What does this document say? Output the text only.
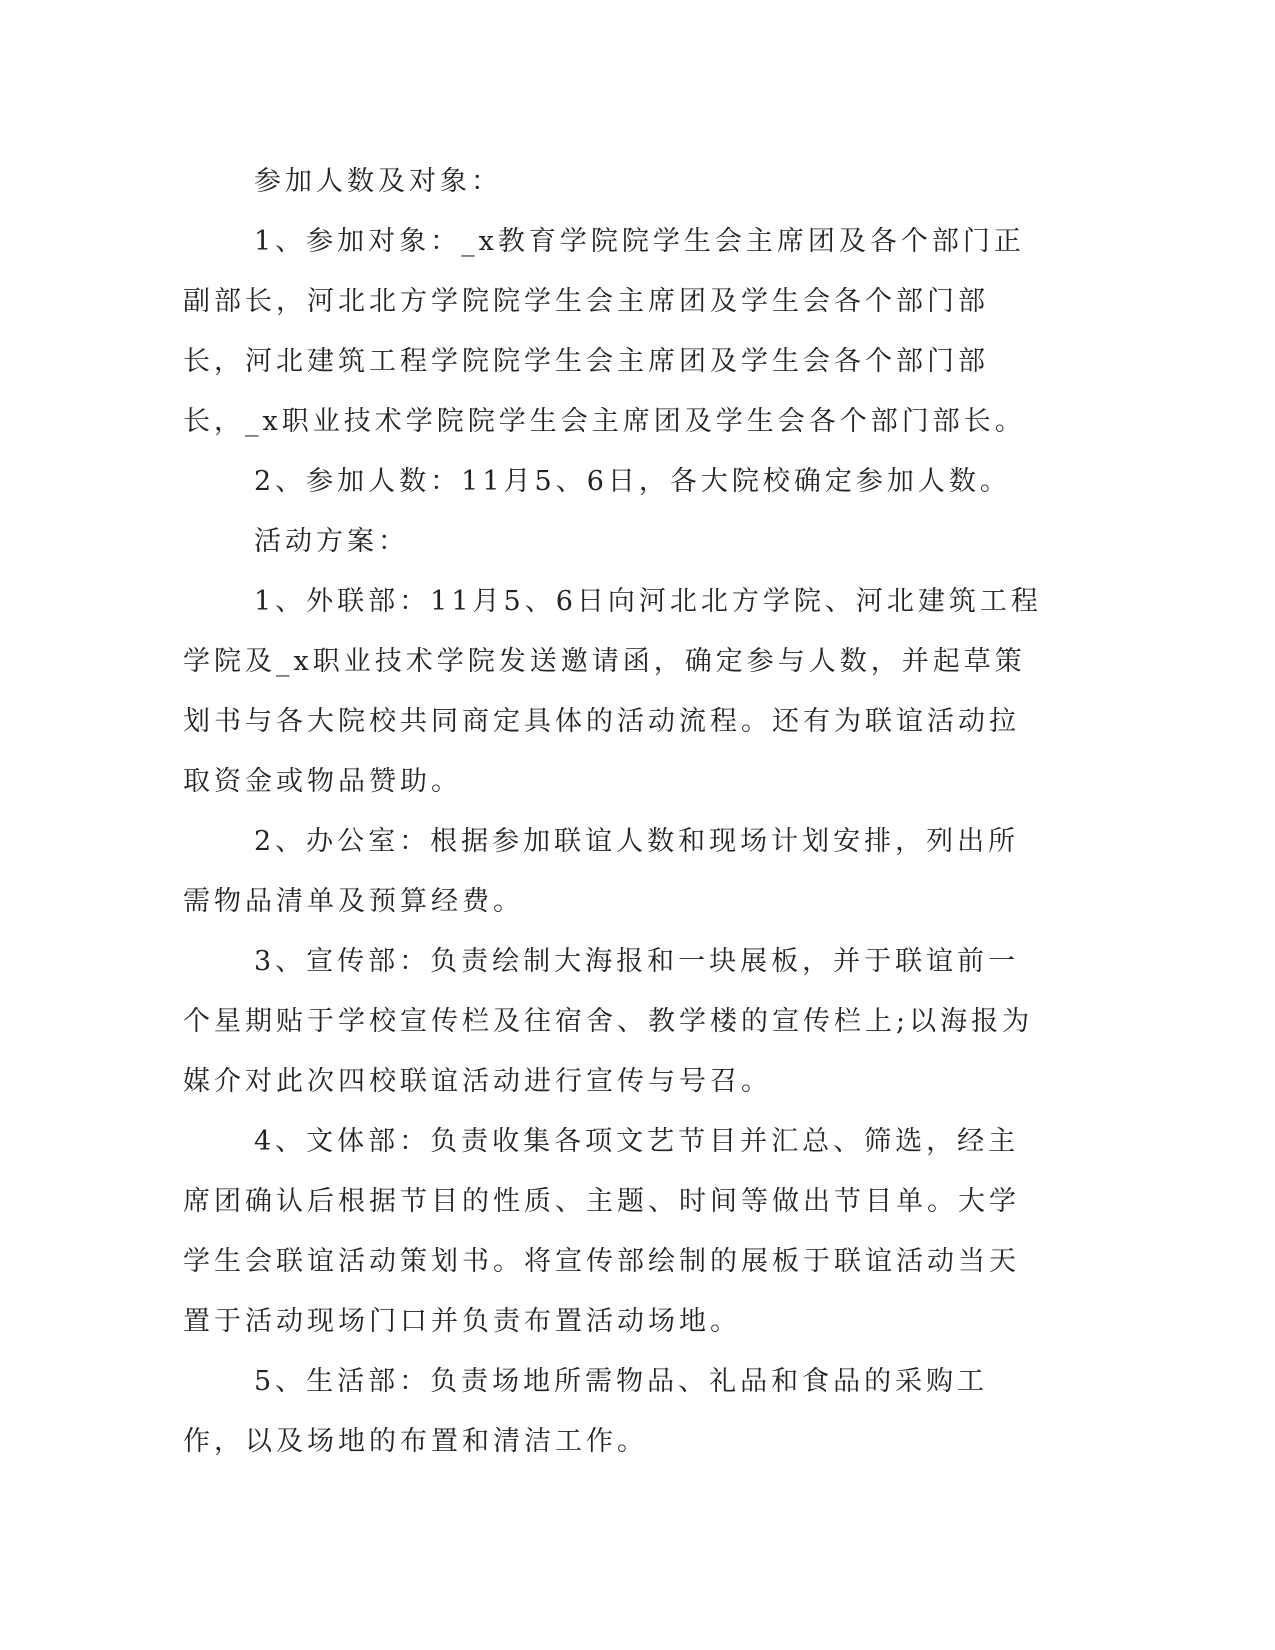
参加人数及对象：

1、参加对象：_x教育学院院学生会主席团及各个部门正副部长，河北北方学院院学生会主席团及学生会各个部门部长，河北建筑工程学院院学生会主席团及学生会各个部门部长，_x职业技术学院院学生会主席团及学生会各个部门部长。

2、参加人数：11月5、6日，各大院校确定参加人数。

活动方案：

1、外联部：11月5、6日向河北北方学院、河北建筑工程学院及_x职业技术学院发送邀请函，确定参与人数，并起草策划书与各大院校共同商定具体的活动流程。还有为联谊活动拉取资金或物品赞助。

2、办公室：根据参加联谊人数和现场计划安排，列出所需物品清单及预算经费。

3、宣传部：负责绘制大海报和一块展板，并于联谊前一个星期贴于学校宣传栏及往宿舍、教学楼的宣传栏上;以海报为媒介对此次四校联谊活动进行宣传与号召。

4、文体部：负责收集各项文艺节目并汇总、筛选，经主席团确认后根据节目的性质、主题、时间等做出节目单。大学学生会联谊活动策划书。将宣传部绘制的展板于联谊活动当天置于活动现场门口并负责布置活动场地。

5、生活部：负责场地所需物品、礼品和食品的采购工作，以及场地的布置和清洁工作。
